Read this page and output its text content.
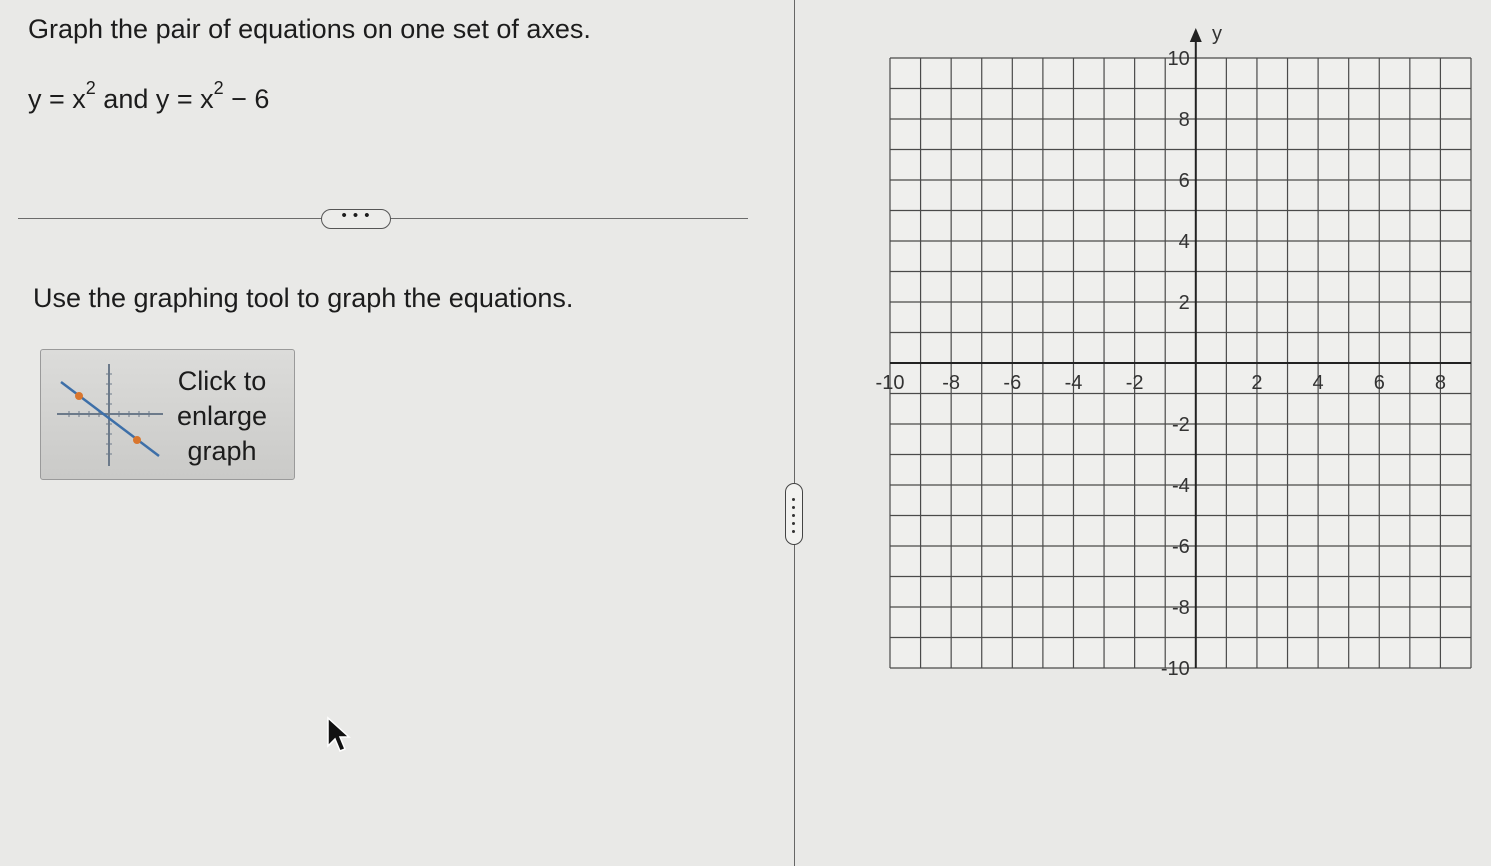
Graph the pair of equations on one set of axes.
$y = x^2$ and $y = x^2 - 6$
• • •
Use the graphing tool to graph the equations.
Click to
enlarge
graph
-10 -8 -6 -4 -2	2	4	6	8
10
8
6
4
2
-2
-4
-6
-8
-10
y
